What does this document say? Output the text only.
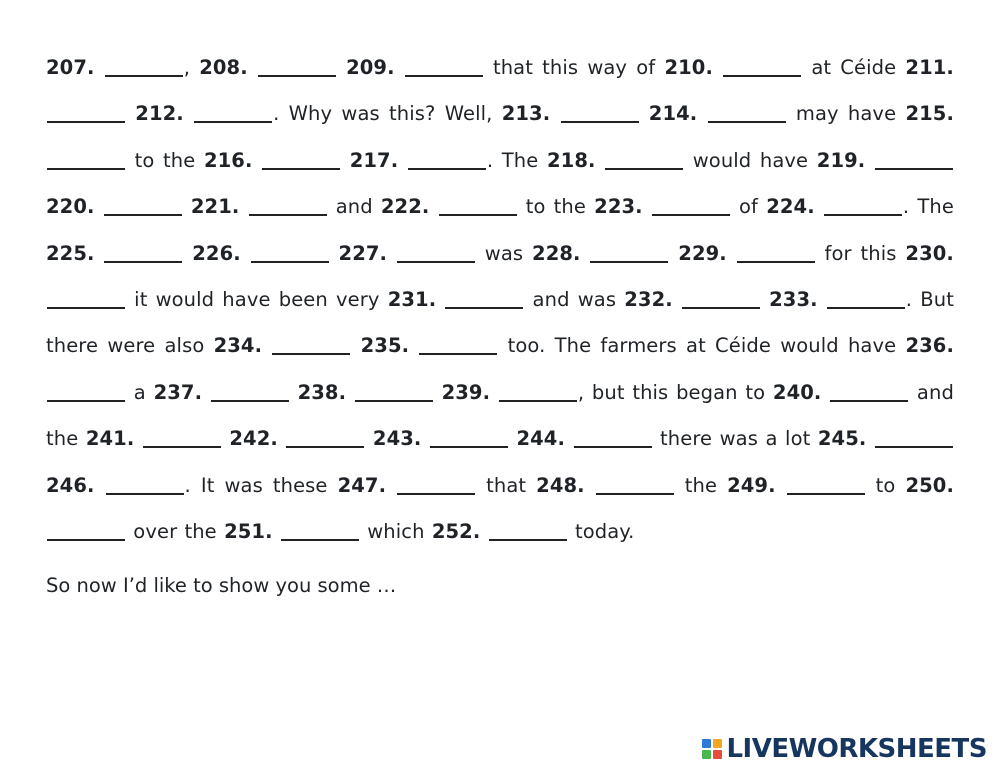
207.	, 208.	209.	that this way of 210.	at Céide 211.  212.	. Why was this? Well, 213.	214.	may have 215.  to the 216.	217.	. The 218.	would have 219.  220.	221.	and 222.	to the 223.	of 224.	. The 225.	226.	227.	was 228.	229.	for this 230.  it would have been very 231.	and was 232.	233.	. But there were also 234.	235.	too. The farmers at Céide would have 236.  a 237.	238.	239.	, but this began to 240.	and the 241.	242.	243.	244.	there was a lot 245.  246.	. It was these 247.	that 248.	the 249.	to 250.  over the 251.	which 252.	today.

So now I’d like to show you some …

LIVEWORKSHEETS
